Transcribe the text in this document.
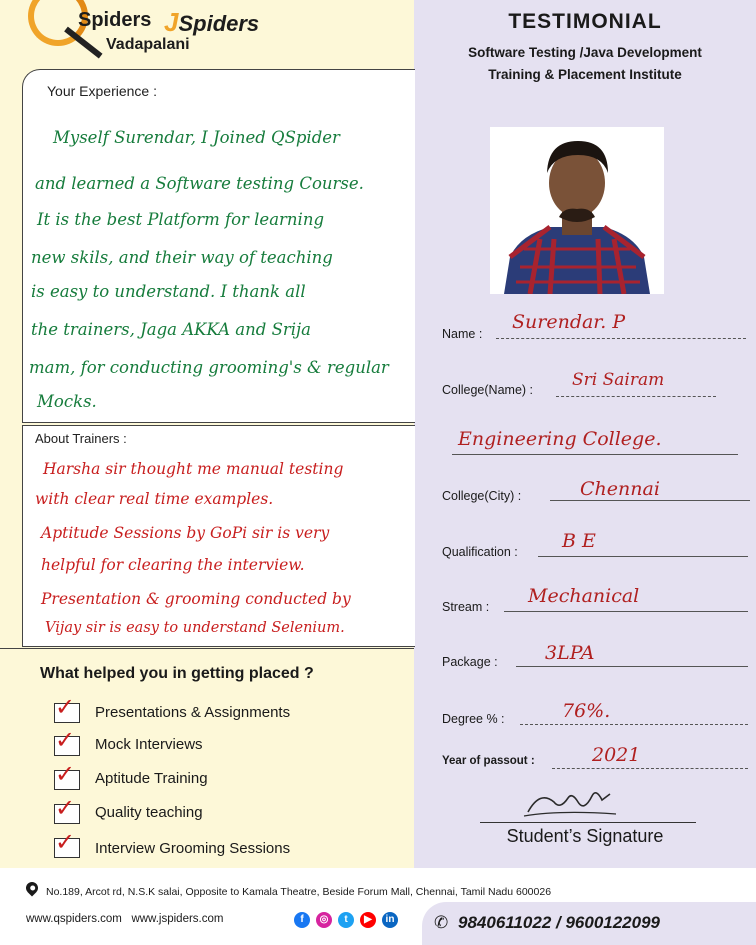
Spiders JSpiders
Vadapalani
TESTIMONIAL
Software Testing /Java Development
Training & Placement Institute
Your Experience :
Myself Surendar, I Joined QSpider
and learned a Software testing Course.
It is the best Platform for learning
new skils, and their way of teaching
is easy to understand. I thank all
the trainers, Jaga AKKA and Srija
mam, for conducting grooming's & regular
Mocks.
About Trainers :
Harsha sir thought me manual testing
with clear real time examples.
Aptitude Sessions by GoPi sir is very
helpful for clearing the interview.
Presentation & grooming conducted by
Vijay sir is easy to understand Selenium.
What helped you in getting placed ?
✓ Presentations & Assignments
✓ Mock Interviews
✓ Aptitude Training
✓ Quality teaching
✓ Interview Grooming Sessions
Name :
Surendar. P
College(Name) : Sri Sairam
Engineering College.
College(City) :	Chennai
Qualification : B E
Stream : Mechanical
Package : 3LPA
Degree % :	76%.
Year of passout :	2021
Student’s Signature
No.189, Arcot rd, N.S.K salai, Opposite to Kamala Theatre, Beside Forum Mall, Chennai, Tamil Nadu 600026
www.qspiders.com   www.jspiders.com	f	◎	t	▶	in ✆ 9840611022 / 9600122099
